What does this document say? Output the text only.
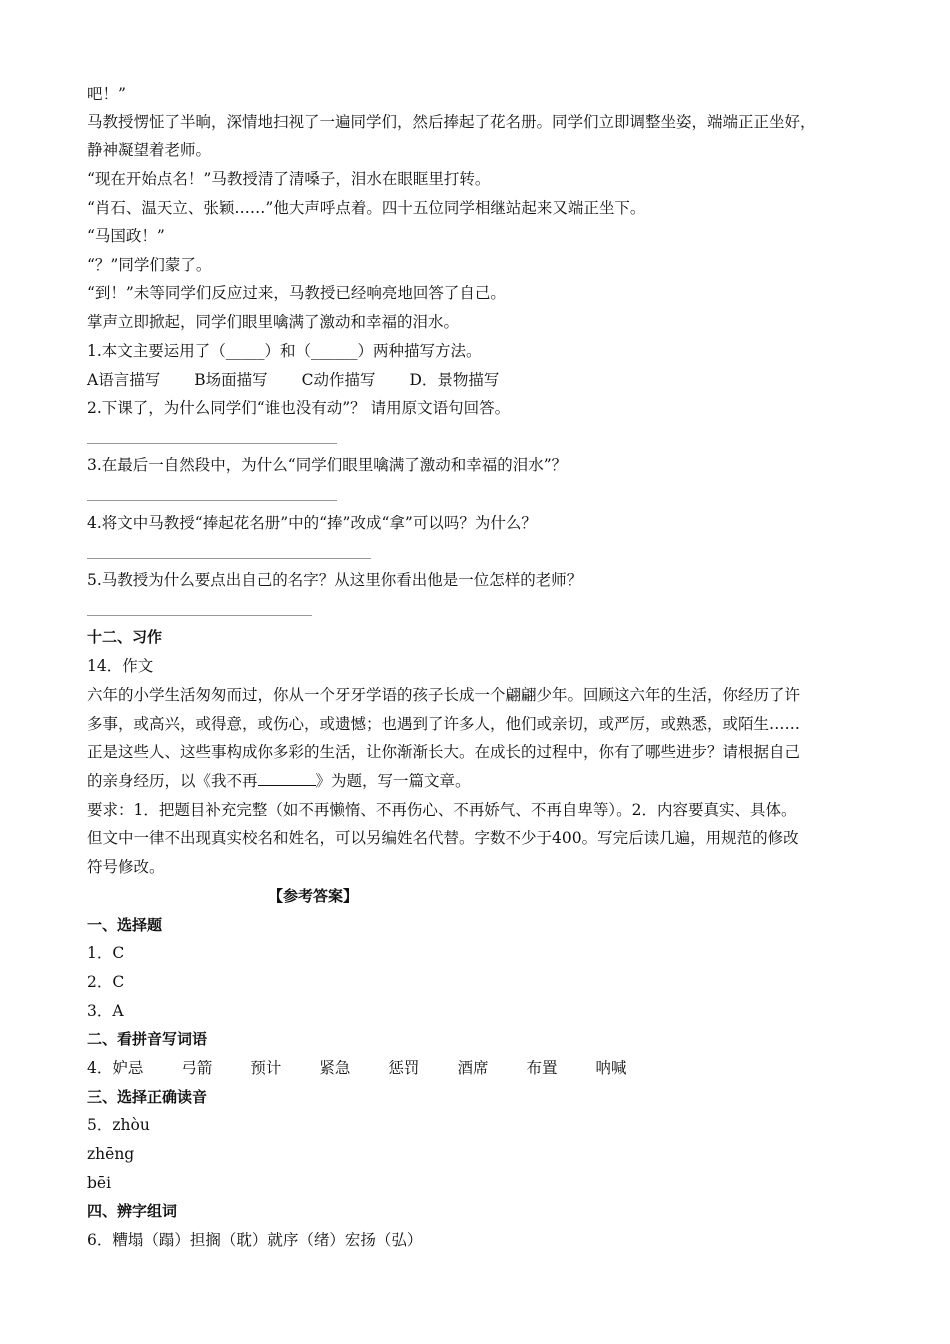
吧！”
马教授愣怔了半晌，深情地扫视了一遍同学们，然后捧起了花名册。同学们立即调整坐姿，端端正正坐好，
静神凝望着老师。
“现在开始点名！”马教授清了清嗓子，泪水在眼眶里打转。
“肖石、温天立、张颖……”他大声呼点着。四十五位同学相继站起来又端正坐下。
“马国政！”
“？”同学们蒙了。
“到！”未等同学们反应过来，马教授已经响亮地回答了自己。
掌声立即掀起，同学们眼里噙满了激动和幸福的泪水。
1.本文主要运用了（_____）和（______）两种描写方法。
A语言描写 B场面描写 C动作描写 D．景物描写
2.下课了，为什么同学们“谁也没有动”？ 请用原文语句回答。
3.在最后一自然段中，为什么“同学们眼里噙满了激动和幸福的泪水”？
4.将文中马教授“捧起花名册”中的“捧”改成“拿”可以吗？为什么？
5.马教授为什么要点出自己的名字？从这里你看出他是一位怎样的老师？
十二、习作
14．作文
六年的小学生活匆匆而过，你从一个牙牙学语的孩子长成一个翩翩少年。回顾这六年的生活，你经历了许
多事，或高兴，或得意，或伤心，或遗憾；也遇到了许多人，他们或亲切，或严厉，或熟悉，或陌生……
正是这些人、这些事构成你多彩的生活，让你渐渐长大。在成长的过程中，你有了哪些进步？请根据自己
的亲身经历，以《我不再	》为题，写一篇文章。
要求：1．把题目补充完整（如不再懒惰、不再伤心、不再娇气、不再自卑等）。2．内容要真实、具体。
但文中一律不出现真实校名和姓名，可以另编姓名代替。字数不少于400。写完后读几遍，用规范的修改
符号修改。
【参考答案】
一、选择题
1．C
2．C
3．A
二、看拼音写词语
4．妒忌 弓箭 预计 紧急 惩罚 酒席 布置 呐喊
三、选择正确读音
5．zhòu
zhēng
bēi
四、辨字组词
6．糟塌（蹋）担搁（耽）就序（绪）宏扬（弘）
